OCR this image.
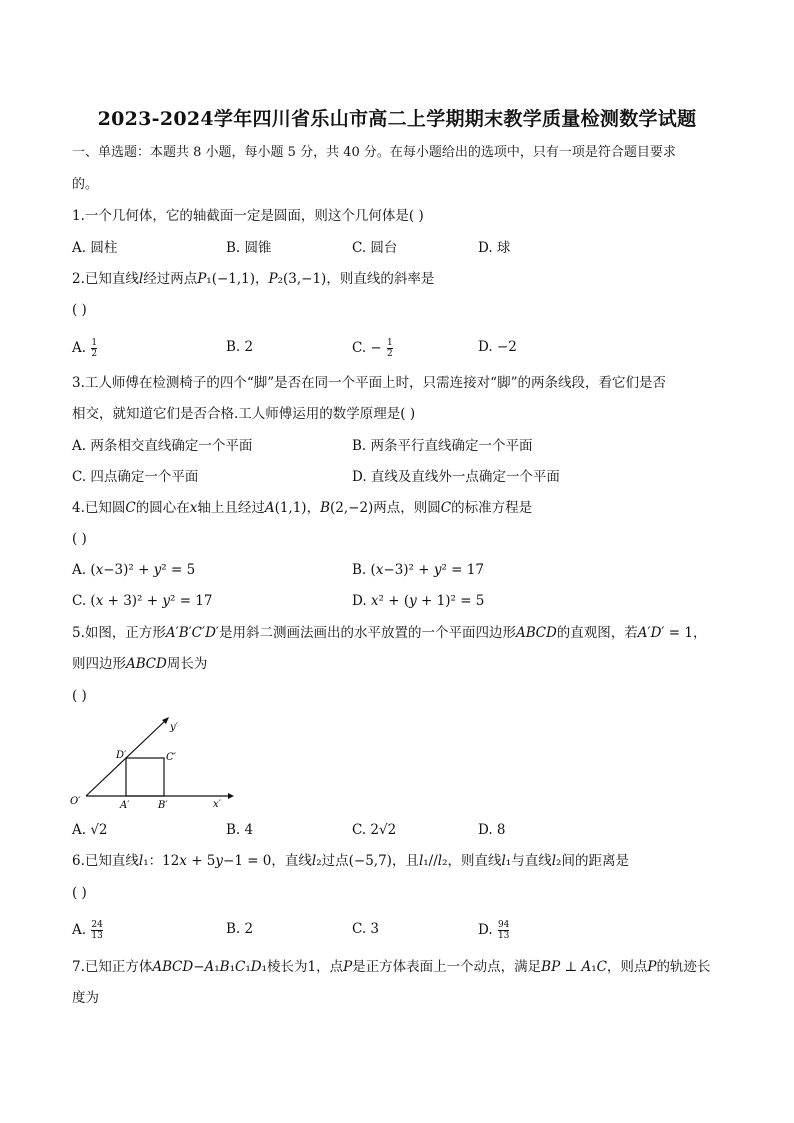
2023-2024学年四川省乐山市高二上学期期末教学质量检测数学试题
一、单选题：本题共 8 小题，每小题 5 分，共 40 分。在每小题给出的选项中，只有一项是符合题目要求
的。
1.一个几何体，它的轴截面一定是圆面，则这个几何体是( )
A. 圆柱	B. 圆锥	C. 圆台	D. 球
2.已知直线𝑙经过两点𝑃₁(−1,1)，𝑃₂(3,−1)，则直线的斜率是
( )
A. $\frac{1}{2}$	B. 2	C. − $\frac{1}{2}$	D. −2
3.工人师傅在检测椅子的四个“脚”是否在同一个平面上时，只需连接对“脚”的两条线段，看它们是否
相交，就知道它们是否合格.工人师傅运用的数学原理是( )
A. 两条相交直线确定一个平面	B. 两条平行直线确定一个平面
C. 四点确定一个平面	D. 直线及直线外一点确定一个平面
4.已知圆𝐶的圆心在𝑥轴上且经过𝐴(1,1)，𝐵(2,−2)两点，则圆𝐶的标准方程是
( )
A. (𝑥−3)² + 𝑦² = 5	B. (𝑥−3)² + 𝑦² = 17
C. (𝑥 + 3)² + 𝑦² = 17	D. 𝑥² + (𝑦 + 1)² = 5
5.如图，正方形𝐴′𝐵′𝐶′𝐷′是用斜二测画法画出的水平放置的一个平面四边形𝐴𝐵𝐶𝐷的直观图，若𝐴′𝐷′ = 1，
则四边形𝐴𝐵𝐶𝐷周长为
( )
O′	A′	B′
C′
D′
x′
y′
A. √2	B. 4	C. 2√2	D. 8
6.已知直线𝑙₁：12𝑥 + 5𝑦−1 = 0，直线𝑙₂过点(−5,7)，且𝑙₁//𝑙₂，则直线𝑙₁与直线𝑙₂间的距离是
( )
A. $\frac{24}{13}$	B. 2	C. 3	D. $\frac{94}{13}$
7.已知正方体𝐴𝐵𝐶𝐷−𝐴₁𝐵₁𝐶₁𝐷₁棱长为1，点𝑃是正方体表面上一个动点，满足𝐵𝑃 ⊥ 𝐴₁𝐶，则点𝑃的轨迹长
度为
